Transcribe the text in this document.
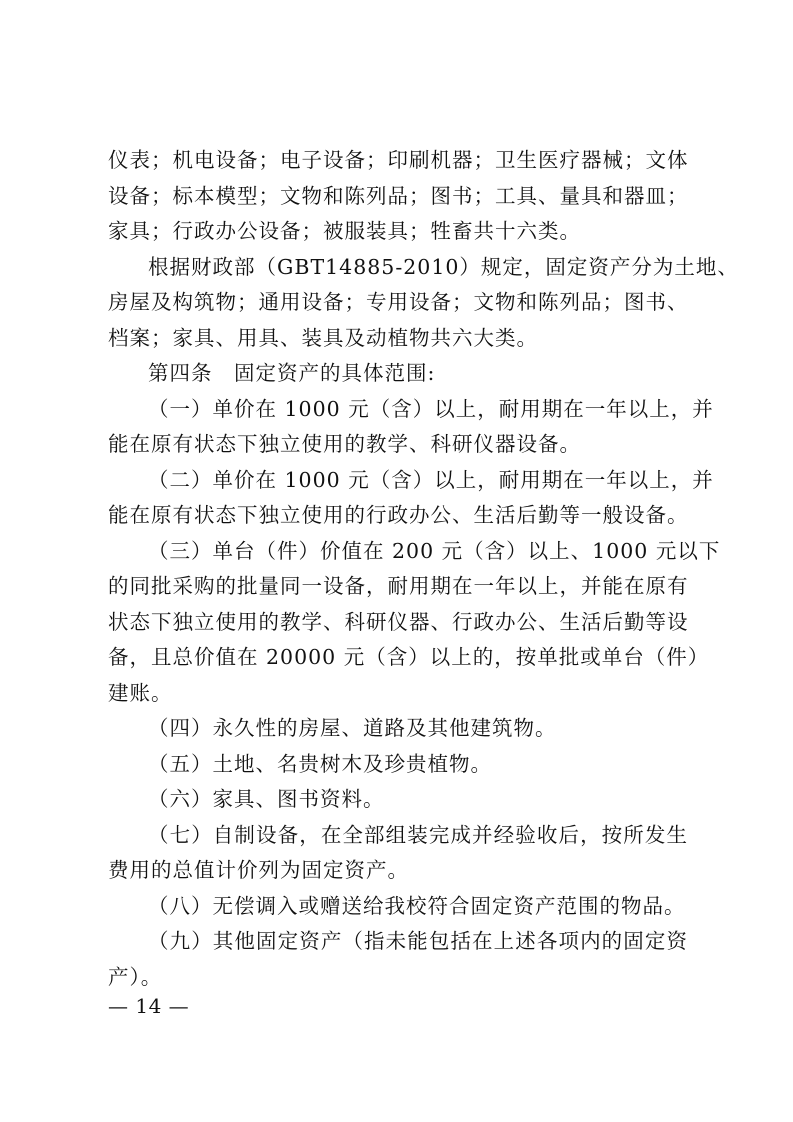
仪表；机电设备；电子设备；印刷机器；卫生医疗器械；文体
设备；标本模型；文物和陈列品；图书；工具、量具和器皿；
家具；行政办公设备；被服装具；牲畜共十六类。
根据财政部（GBT14885-2010）规定，固定资产分为土地、
房屋及构筑物；通用设备；专用设备；文物和陈列品；图书、
档案；家具、用具、装具及动植物共六大类。
第四条　固定资产的具体范围:
（一）单价在 1000 元（含）以上，耐用期在一年以上，并
能在原有状态下独立使用的教学、科研仪器设备。
（二）单价在 1000 元（含）以上，耐用期在一年以上，并
能在原有状态下独立使用的行政办公、生活后勤等一般设备。
（三）单台（件）价值在 200 元（含）以上、1000 元以下
的同批采购的批量同一设备，耐用期在一年以上，并能在原有
状态下独立使用的教学、科研仪器、行政办公、生活后勤等设
备，且总价值在 20000 元（含）以上的，按单批或单台（件）
建账。
（四）永久性的房屋、道路及其他建筑物。
（五）土地、名贵树木及珍贵植物。
（六）家具、图书资料。
（七）自制设备，在全部组装完成并经验收后，按所发生
费用的总值计价列为固定资产。
（八）无偿调入或赠送给我校符合固定资产范围的物品。
（九）其他固定资产（指未能包括在上述各项内的固定资
产）。
— 14 —
